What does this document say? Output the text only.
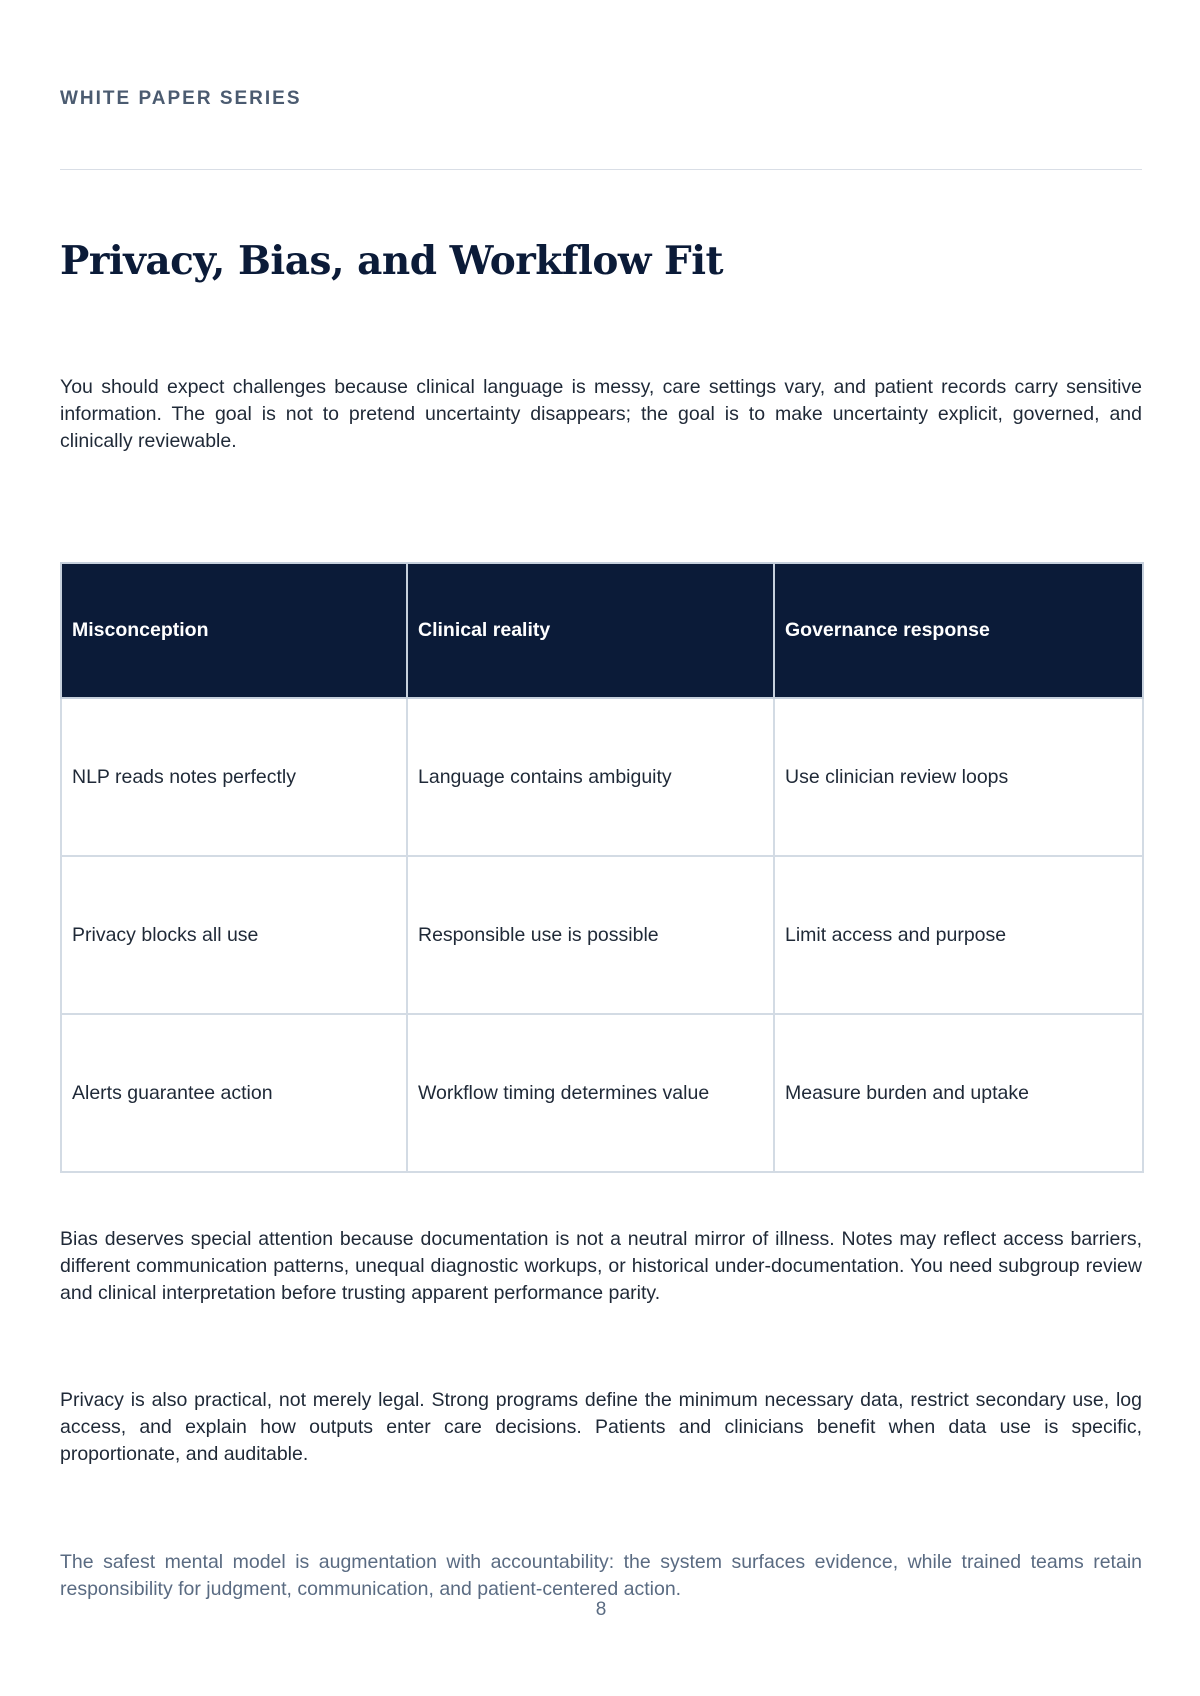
WHITE PAPER SERIES
Privacy, Bias, and Workflow Fit

You should expect challenges because clinical language is messy, care settings vary, and patient records carry sensitive information. The goal is not to pretend uncertainty disappears; the goal is to make uncertainty explicit, governed, and clinically reviewable.

Misconception	Clinical reality	Governance response
NLP reads notes perfectly	Language contains ambiguity	Use clinician review loops
Privacy blocks all use	Responsible use is possible	Limit access and purpose
Alerts guarantee action	Workflow timing determines value	Measure burden and uptake

Bias deserves special attention because documentation is not a neutral mirror of illness. Notes may reflect access barriers, different communication patterns, unequal diagnostic workups, or historical under-documentation. You need subgroup review and clinical interpretation before trusting apparent performance parity.

Privacy is also practical, not merely legal. Strong programs define the minimum necessary data, restrict secondary use, log access, and explain how outputs enter care decisions. Patients and clinicians benefit when data use is specific, proportionate, and auditable.

The safest mental model is augmentation with accountability: the system surfaces evidence, while trained teams retain responsibility for judgment, communication, and patient-centered action.

8
